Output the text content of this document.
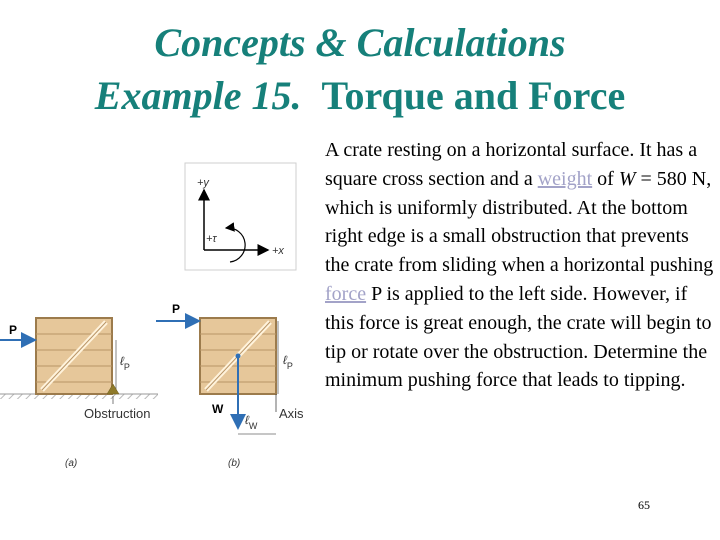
Concepts & Calculations
Example 15. Torque and Force

A crate resting on a horizontal surface. It has a square cross section and a weight of W = 580 N, which is uniformly distributed. At the bottom right edge is a small obstruction that prevents the crate from sliding when a horizontal pushing force P is applied to the left side. However, if this force is great enough, the crate will begin to tip or rotate over the obstruction. Determine the minimum pushing force that leads to tipping.

+y
+τ
+x
P
ℓ$_P$
Obstruction
(a)
P
W
ℓ$_P$
ℓ$_W$
Axis
(b)
65
